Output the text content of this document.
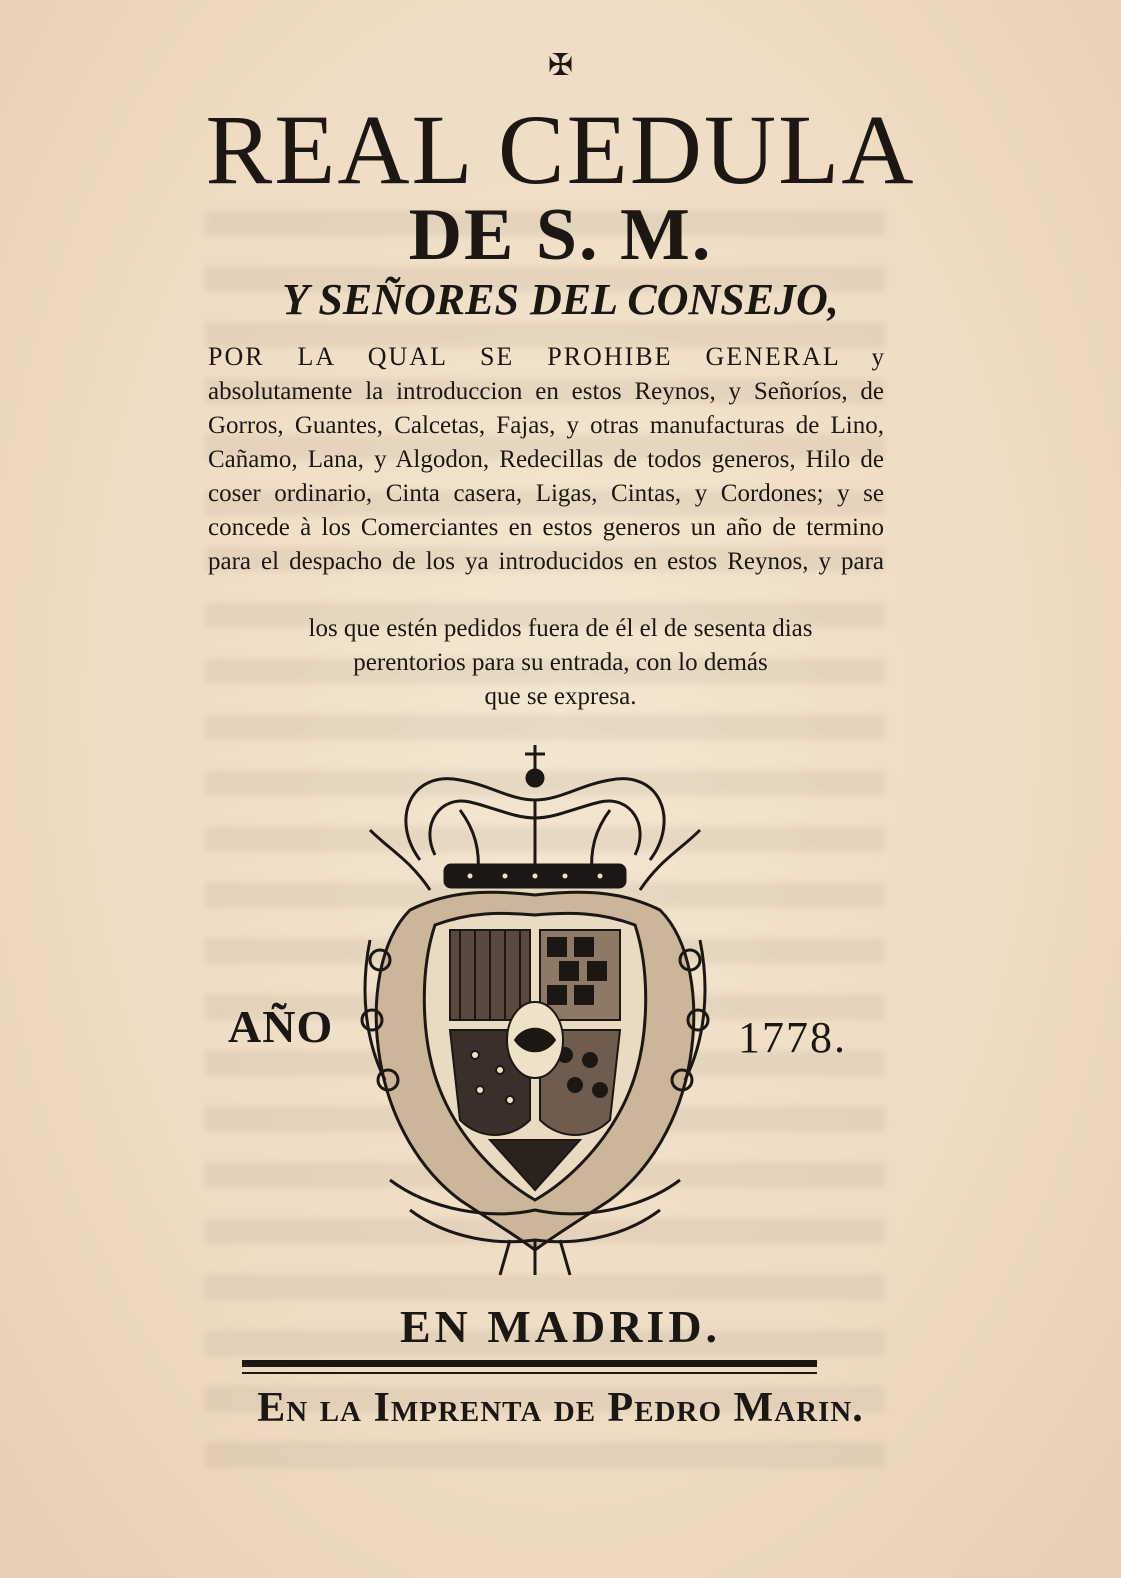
✠
REAL CEDULA
DE S. M.
Y SEÑORES DEL CONSEJO,
POR LA QUAL SE PROHIBE GENERAL y absolutamente la introduccion en estos Reynos, y Señoríos, de Gorros, Guantes, Calcetas, Fajas, y otras manufacturas de Lino, Cañamo, Lana, y Algodon, Redecillas de todos generos, Hilo de coser ordinario, Cinta casera, Ligas, Cintas, y Cordones; y se concede à los Comerciantes en estos generos un año de termino para el despacho de los ya introducidos en estos Reynos, y para
los que estén pedidos fuera de él el de sesenta dias
perentorios para su entrada, con lo demás
que se expresa.
AÑO	1778.
EN MADRID.
En la Imprenta de Pedro Marin.
